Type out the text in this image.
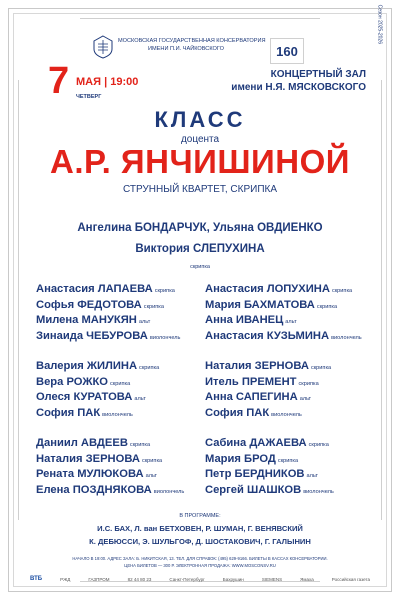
МОСКОВСКАЯ ГОСУДАРСТВЕННАЯ КОНСЕРВАТОРИЯ
ИМЕНИ П.И. ЧАЙКОВСКОГО	160
Сезон 2025-2026
7 МАЯ | 19:00
ЧЕТВЕРГ
КОНЦЕРТНЫЙ ЗАЛ
имени Н.Я. МЯСКОВСКОГО
КЛАСС
доцента
А.Р. ЯНЧИШИНОЙ
СТРУННЫЙ КВАРТЕТ, СКРИПКА
Ангелина БОНДАРЧУК, Ульяна ОВДИЕНКО
Виктория СЛЕПУХИНА
скрипка
Анастасия ЛАПАЕВА скрипка
Софья ФЕДОТОВА скрипка
Милена МАНУКЯН альт
Зинаида ЧЕБУРОВА виолончель
Анастасия ЛОПУХИНА скрипка
Мария БАХМАТОВА скрипка
Анна ИВАНЕЦ альт
Анастасия КУЗЬМИНА виолончель
Валерия ЖИЛИНА скрипка
Вера РОЖКО скрипка
Олеся КУРАТОВА альт
София ПАК виолончель
Наталия ЗЕРНОВА скрипка
Итель ПРЕМЕНТ скрипка
Анна САПЕГИНА альт
София ПАК виолончель
Даниил АВДЕЕВ скрипка
Наталия ЗЕРНОВА скрипка
Рената МУЛЮКОВА альт
Елена ПОЗДНЯКОВА виолончель
Сабина ДАЖАЕВА скрипка
Мария БРОД скрипка
Петр БЕРДНИКОВ альт
Сергей ШАШКОВ виолончель
В ПРОГРАММЕ:
И.С. БАХ, Л. ван БЕТХОВЕН, Р. ШУМАН, Г. ВЕНЯВСКИЙ
К. ДЕБЮССИ, Э. ШУЛЬГОФ, Д. ШОСТАКОВИЧ, Г. ГАЛЫНИН
НАЧАЛО В 19:00. АДРЕС ЗАЛА: Б. НИКИТСКАЯ, 13. ТЕЛ. ДЛЯ СПРАВОК: (495) 629-9166. БИЛЕТЫ В КАССАХ КОНСЕРВАТОРИИ.
ЦЕНА БИЛЕТОВ — 300 Р. ЭЛЕКТРОННАЯ ПРОДАЖА: WWW.MOSCONSV.RU
ВТБ	РЖД	ГАЗПРОМ	82 44 80 23	Санкт-Петербург	Бахрушин	SIEMENS	Ямаха	Российская газета
